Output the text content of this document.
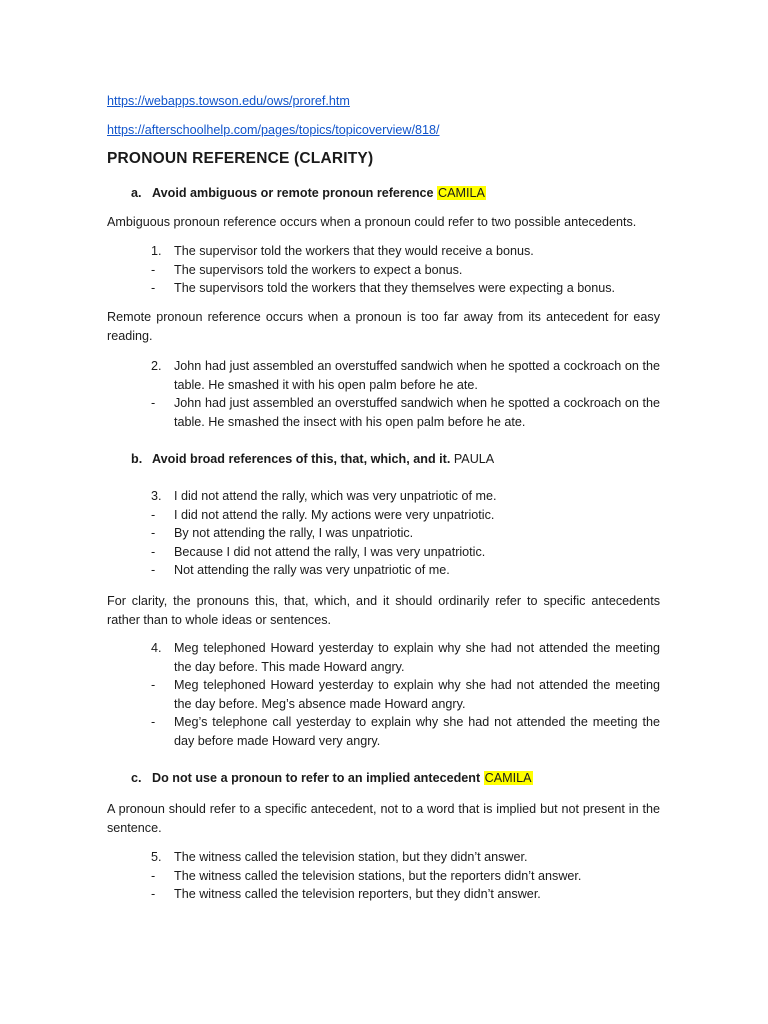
https://webapps.towson.edu/ows/proref.htm
https://afterschoolhelp.com/pages/topics/topicoverview/818/
PRONOUN REFERENCE (CLARITY)
a. Avoid ambiguous or remote pronoun reference CAMILA

Ambiguous pronoun reference occurs when a pronoun could refer to two possible antecedents.

1. The supervisor told the workers that they would receive a bonus.
-	The supervisors told the workers to expect a bonus.
-	The supervisors told the workers that they themselves were expecting a bonus.

Remote pronoun reference occurs when a pronoun is too far away from its antecedent for easy reading.

2. John had just assembled an overstuffed sandwich when he spotted a cockroach on the table. He smashed it with his open palm before he ate.
-	John had just assembled an overstuffed sandwich when he spotted a cockroach on the table. He smashed the insect with his open palm before he ate.
b. Avoid broad references of this, that, which, and it. PAULA
3. I did not attend the rally, which was very unpatriotic of me.
-	I did not attend the rally. My actions were very unpatriotic.
-	By not attending the rally, I was unpatriotic.
-	Because I did not attend the rally, I was very unpatriotic.
-	Not attending the rally was very unpatriotic of me.

For clarity, the pronouns this, that, which, and it should ordinarily refer to specific antecedents rather than to whole ideas or sentences.

4. Meg telephoned Howard yesterday to explain why she had not attended the meeting the day before. This made Howard angry.
-	Meg telephoned Howard yesterday to explain why she had not attended the meeting the day before. Meg’s absence made Howard angry.
-	Meg’s telephone call yesterday to explain why she had not attended the meeting the day before made Howard very angry.
c. Do not use a pronoun to refer to an implied antecedent CAMILA

A pronoun should refer to a specific antecedent, not to a word that is implied but not present in the sentence.

5. The witness called the television station, but they didn’t answer.
-	The witness called the television stations, but the reporters didn’t answer.
-	The witness called the television reporters, but they didn’t answer.
